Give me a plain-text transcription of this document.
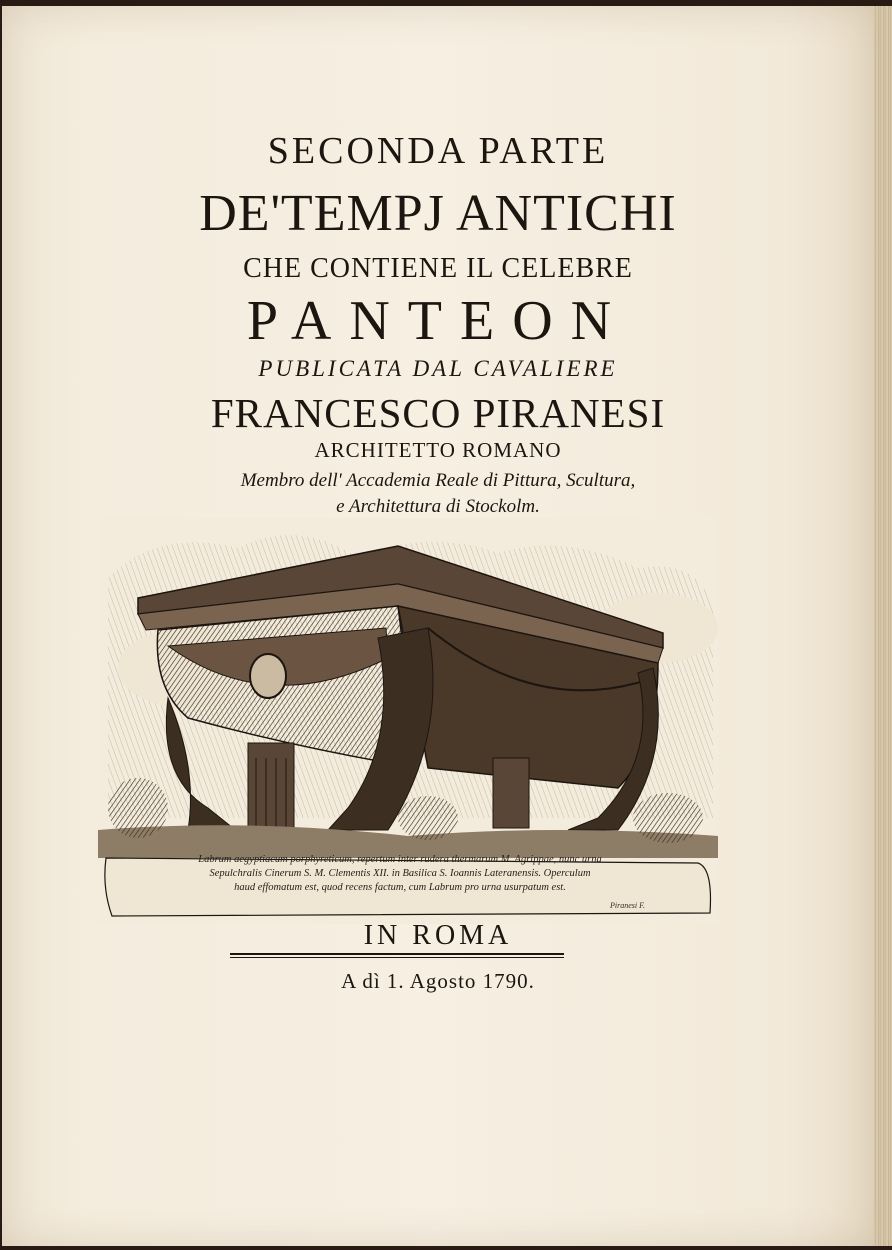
SECONDA PARTE
DE'TEMPJ ANTICHI
CHE CONTIENE IL CELEBRE
PANTEON
PUBLICATA DAL CAVALIERE
FRANCESCO PIRANESI
ARCHITETTO ROMANO
Membro dell' Accademia Reale di Pittura, Scultura,
e Architettura di Stockolm.
Labrum aegyptiacum porphyreticum, repertum inter rudera thermarum M. Agrippae, nunc urna
Sepulchralis Cinerum S. M. Clementis XII. in Basilica S. Ioannis Lateranensis. Operculum
haud effomatum est, quod recens factum, cum Labrum pro urna usurpatum est.
Piranesi F.
IN ROMA
A dì 1. Agosto 1790.
